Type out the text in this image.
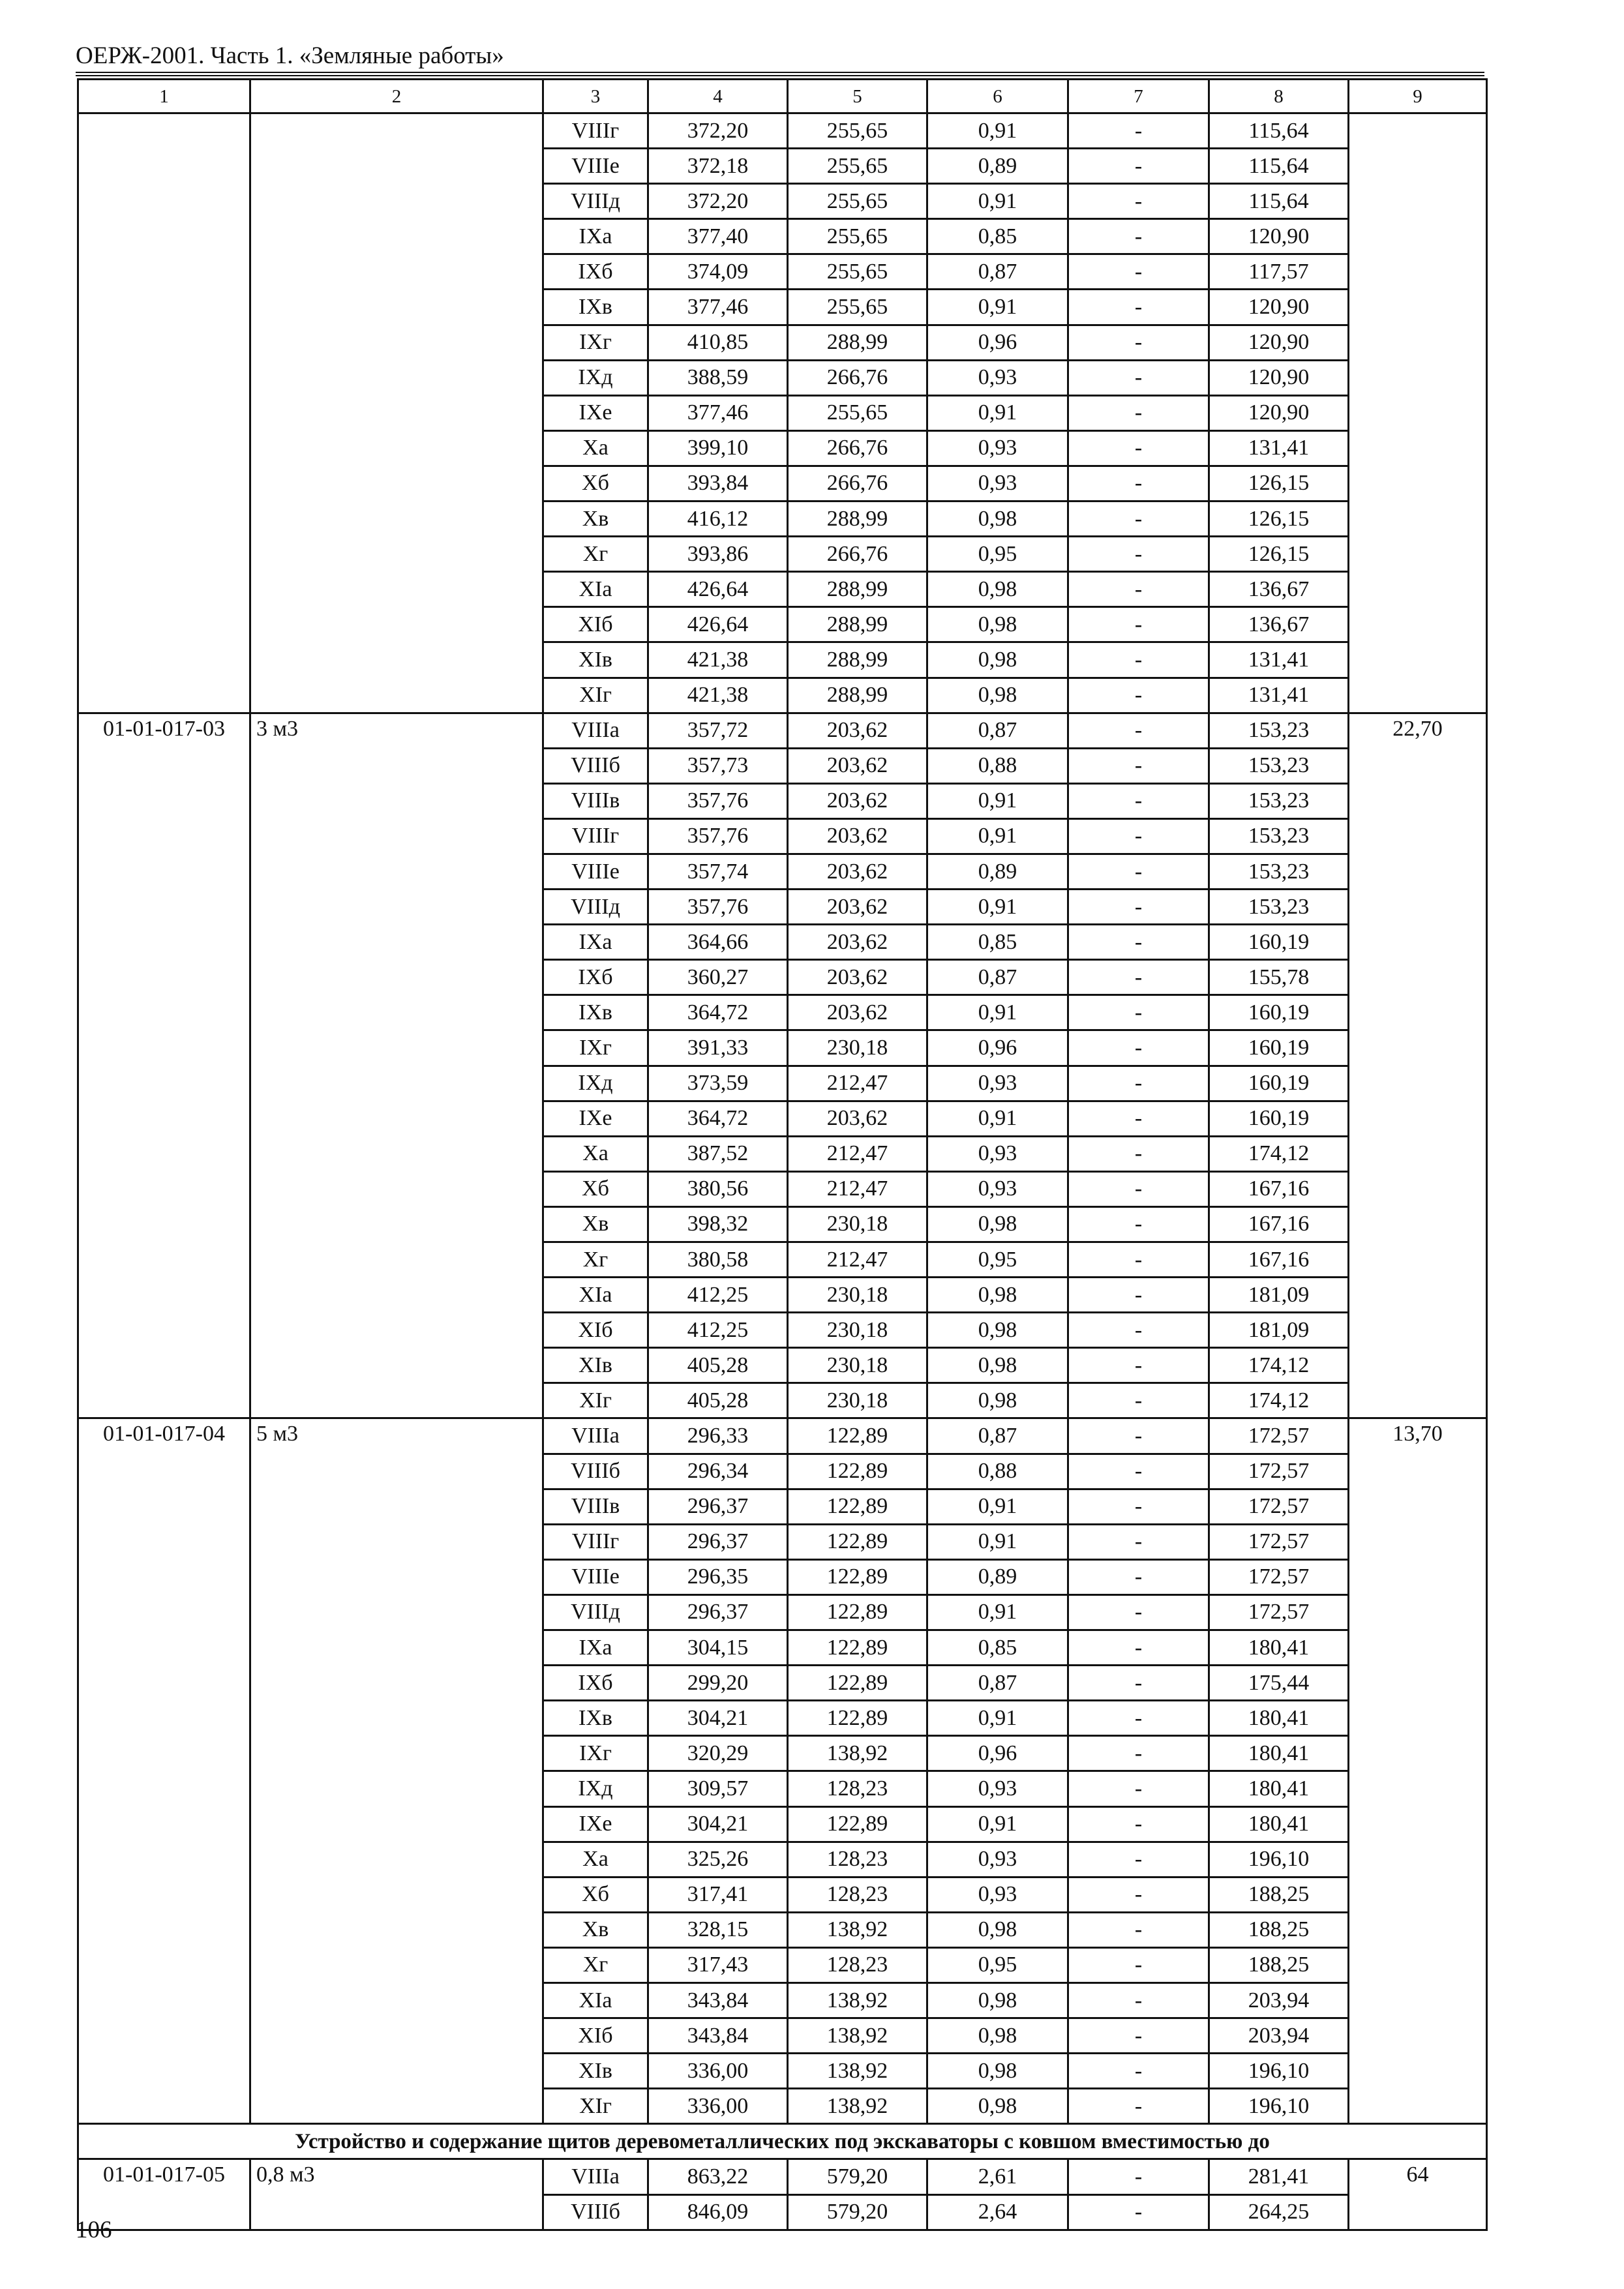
ОЕРЖ-2001. Часть 1. «Земляные работы»
1	2	3	4	5	6	7	8	9
		VIIIг	372,20	255,65	0,91	-	115,64	
		VIIIе	372,18	255,65	0,89	-	115,64	
		VIIIд	372,20	255,65	0,91	-	115,64	
		IXа	377,40	255,65	0,85	-	120,90	
		IXб	374,09	255,65	0,87	-	117,57	
		IXв	377,46	255,65	0,91	-	120,90	
		IXг	410,85	288,99	0,96	-	120,90	
		IXд	388,59	266,76	0,93	-	120,90	
		IXе	377,46	255,65	0,91	-	120,90	
		Xа	399,10	266,76	0,93	-	131,41	
		Xб	393,84	266,76	0,93	-	126,15	
		Xв	416,12	288,99	0,98	-	126,15	
		Xг	393,86	266,76	0,95	-	126,15	
		XIа	426,64	288,99	0,98	-	136,67	
		XIб	426,64	288,99	0,98	-	136,67	
		XIв	421,38	288,99	0,98	-	131,41	
		XIг	421,38	288,99	0,98	-	131,41	
01-01-017-03	3 м3	VIIIа	357,72	203,62	0,87	-	153,23	22,70
		VIIIб	357,73	203,62	0,88	-	153,23	
		VIIIв	357,76	203,62	0,91	-	153,23	
		VIIIг	357,76	203,62	0,91	-	153,23	
		VIIIе	357,74	203,62	0,89	-	153,23	
		VIIIд	357,76	203,62	0,91	-	153,23	
		IXа	364,66	203,62	0,85	-	160,19	
		IXб	360,27	203,62	0,87	-	155,78	
		IXв	364,72	203,62	0,91	-	160,19	
		IXг	391,33	230,18	0,96	-	160,19	
		IXд	373,59	212,47	0,93	-	160,19	
		IXе	364,72	203,62	0,91	-	160,19	
		Xа	387,52	212,47	0,93	-	174,12	
		Xб	380,56	212,47	0,93	-	167,16	
		Xв	398,32	230,18	0,98	-	167,16	
		Xг	380,58	212,47	0,95	-	167,16	
		XIа	412,25	230,18	0,98	-	181,09	
		XIб	412,25	230,18	0,98	-	181,09	
		XIв	405,28	230,18	0,98	-	174,12	
		XIг	405,28	230,18	0,98	-	174,12	
01-01-017-04	5 м3	VIIIа	296,33	122,89	0,87	-	172,57	13,70
		VIIIб	296,34	122,89	0,88	-	172,57	
		VIIIв	296,37	122,89	0,91	-	172,57	
		VIIIг	296,37	122,89	0,91	-	172,57	
		VIIIе	296,35	122,89	0,89	-	172,57	
		VIIIд	296,37	122,89	0,91	-	172,57	
		IXа	304,15	122,89	0,85	-	180,41	
		IXб	299,20	122,89	0,87	-	175,44	
		IXв	304,21	122,89	0,91	-	180,41	
		IXг	320,29	138,92	0,96	-	180,41	
		IXд	309,57	128,23	0,93	-	180,41	
		IXе	304,21	122,89	0,91	-	180,41	
		Xа	325,26	128,23	0,93	-	196,10	
		Xб	317,41	128,23	0,93	-	188,25	
		Xв	328,15	138,92	0,98	-	188,25	
		Xг	317,43	128,23	0,95	-	188,25	
		XIа	343,84	138,92	0,98	-	203,94	
		XIб	343,84	138,92	0,98	-	203,94	
		XIв	336,00	138,92	0,98	-	196,10	
		XIг	336,00	138,92	0,98	-	196,10	
Устройство и содержание щитов деревометаллических под экскаваторы с ковшом вместимостью до								
01-01-017-05	0,8 м3	VIIIа	863,22	579,20	2,61	-	281,41	64
		VIIIб	846,09	579,20	2,64	-	264,25	
106
